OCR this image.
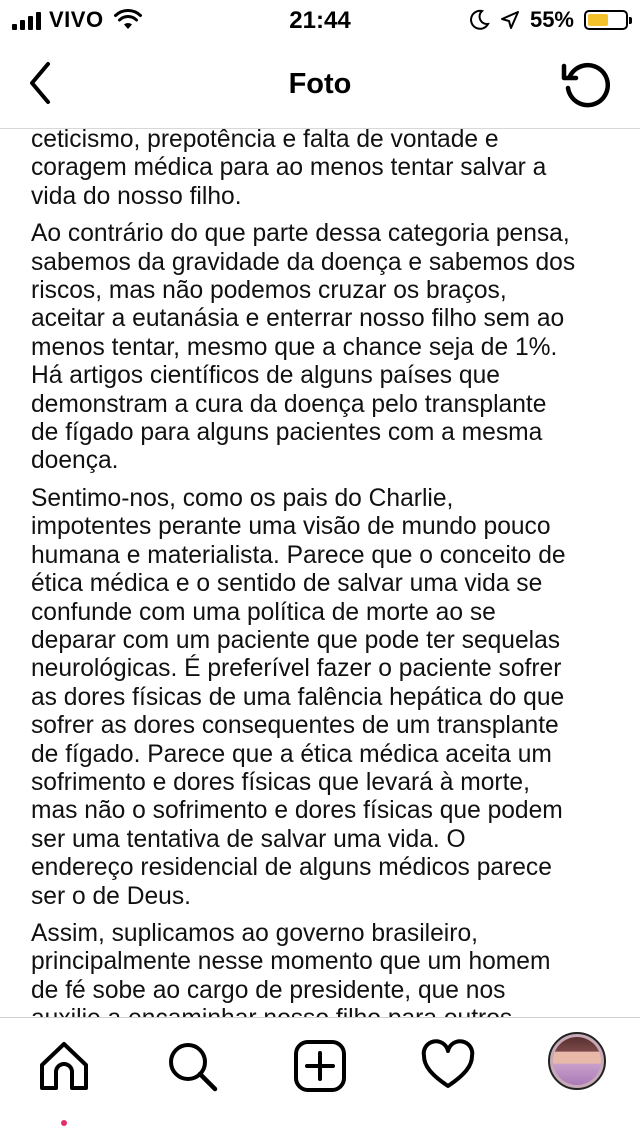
VIVO	21:44	55%
Foto

ceticismo, prepotência e falta de vontade e
coragem médica para ao menos tentar salvar a
vida do nosso filho.

Ao contrário do que parte dessa categoria pensa,
sabemos da gravidade da doença e sabemos dos
riscos, mas não podemos cruzar os braços,
aceitar a eutanásia e enterrar nosso filho sem ao
menos tentar, mesmo que a chance seja de 1%.
Há artigos científicos de alguns países que
demonstram a cura da doença pelo transplante
de fígado para alguns pacientes com a mesma
doença.

Sentimo-nos, como os pais do Charlie,
impotentes perante uma visão de mundo pouco
humana e materialista. Parece que o conceito de
ética médica e o sentido de salvar uma vida se
confunde com uma política de morte ao se
deparar com um paciente que pode ter sequelas
neurológicas. É preferível fazer o paciente sofrer
as dores físicas de uma falência hepática do que
sofrer as dores consequentes de um transplante
de fígado. Parece que a ética médica aceita um
sofrimento e dores físicas que levará à morte,
mas não o sofrimento e dores físicas que podem
ser uma tentativa de salvar uma vida. O
endereço residencial de alguns médicos parece
ser o de Deus.

Assim, suplicamos ao governo brasileiro,
principalmente nesse momento que um homem
de fé sobe ao cargo de presidente, que nos
